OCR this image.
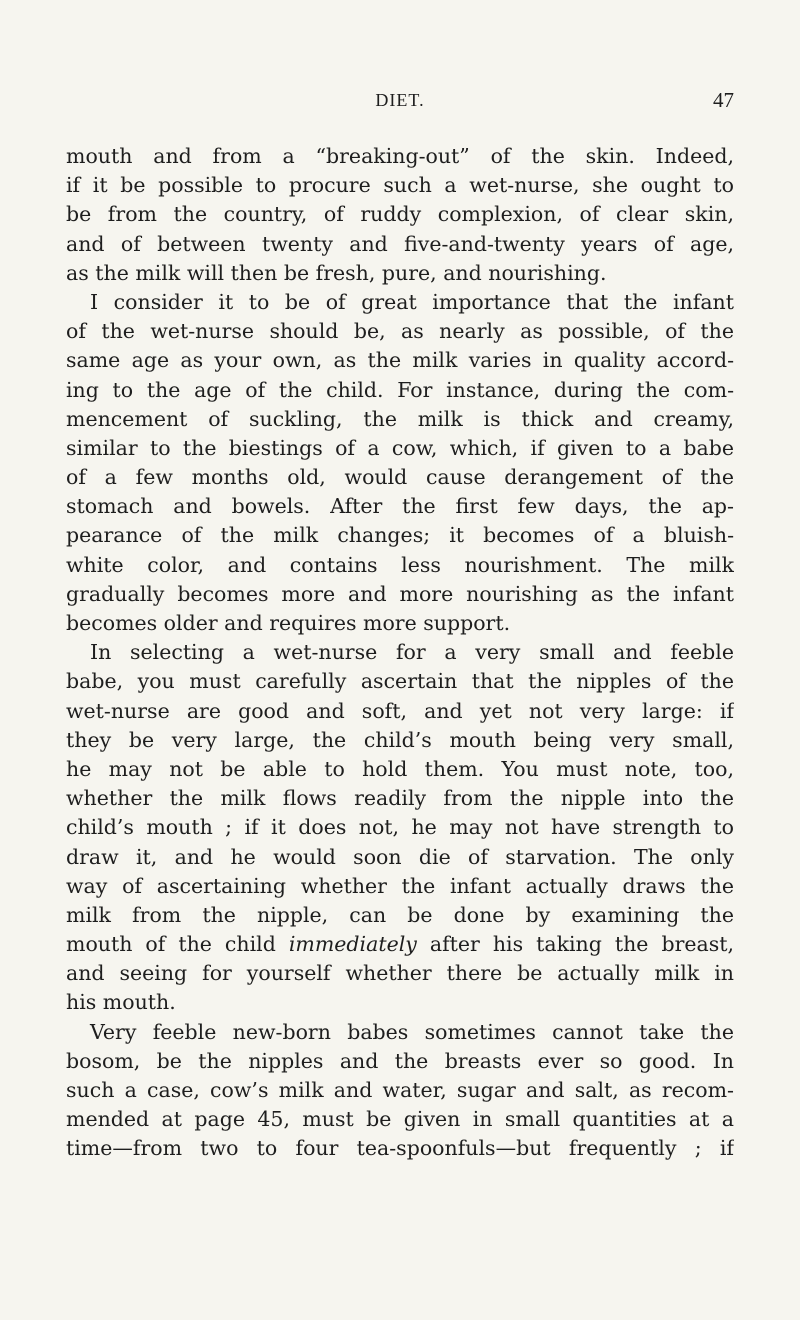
DIET.	47
mouth and from a “breaking-out” of the skin. Indeed,
if it be possible to procure such a wet-nurse, she ought to
be from the country, of ruddy complexion, of clear skin,
and of between twenty and five-and-twenty years of age,
as the milk will then be fresh, pure, and nourishing.
I consider it to be of great importance that the infant
of the wet-nurse should be, as nearly as possible, of the
same age as your own, as the milk varies in quality accord-
ing to the age of the child. For instance, during the com-
mencement of suckling, the milk is thick and creamy,
similar to the biestings of a cow, which, if given to a babe
of a few months old, would cause derangement of the
stomach and bowels. After the first few days, the ap-
pearance of the milk changes; it becomes of a bluish-
white color, and contains less nourishment. The milk
gradually becomes more and more nourishing as the infant
becomes older and requires more support.
In selecting a wet-nurse for a very small and feeble
babe, you must carefully ascertain that the nipples of the
wet-nurse are good and soft, and yet not very large: if
they be very large, the child’s mouth being very small,
he may not be able to hold them. You must note, too,
whether the milk flows readily from the nipple into the
child’s mouth ; if it does not, he may not have strength to
draw it, and he would soon die of starvation. The only
way of ascertaining whether the infant actually draws the
milk from the nipple, can be done by examining the
mouth of the child immediately after his taking the breast,
and seeing for yourself whether there be actually milk in
his mouth.
Very feeble new-born babes sometimes cannot take the
bosom, be the nipples and the breasts ever so good. In
such a case, cow’s milk and water, sugar and salt, as recom-
mended at page 45, must be given in small quantities at a
time—from two to four tea-spoonfuls—but frequently ; if
